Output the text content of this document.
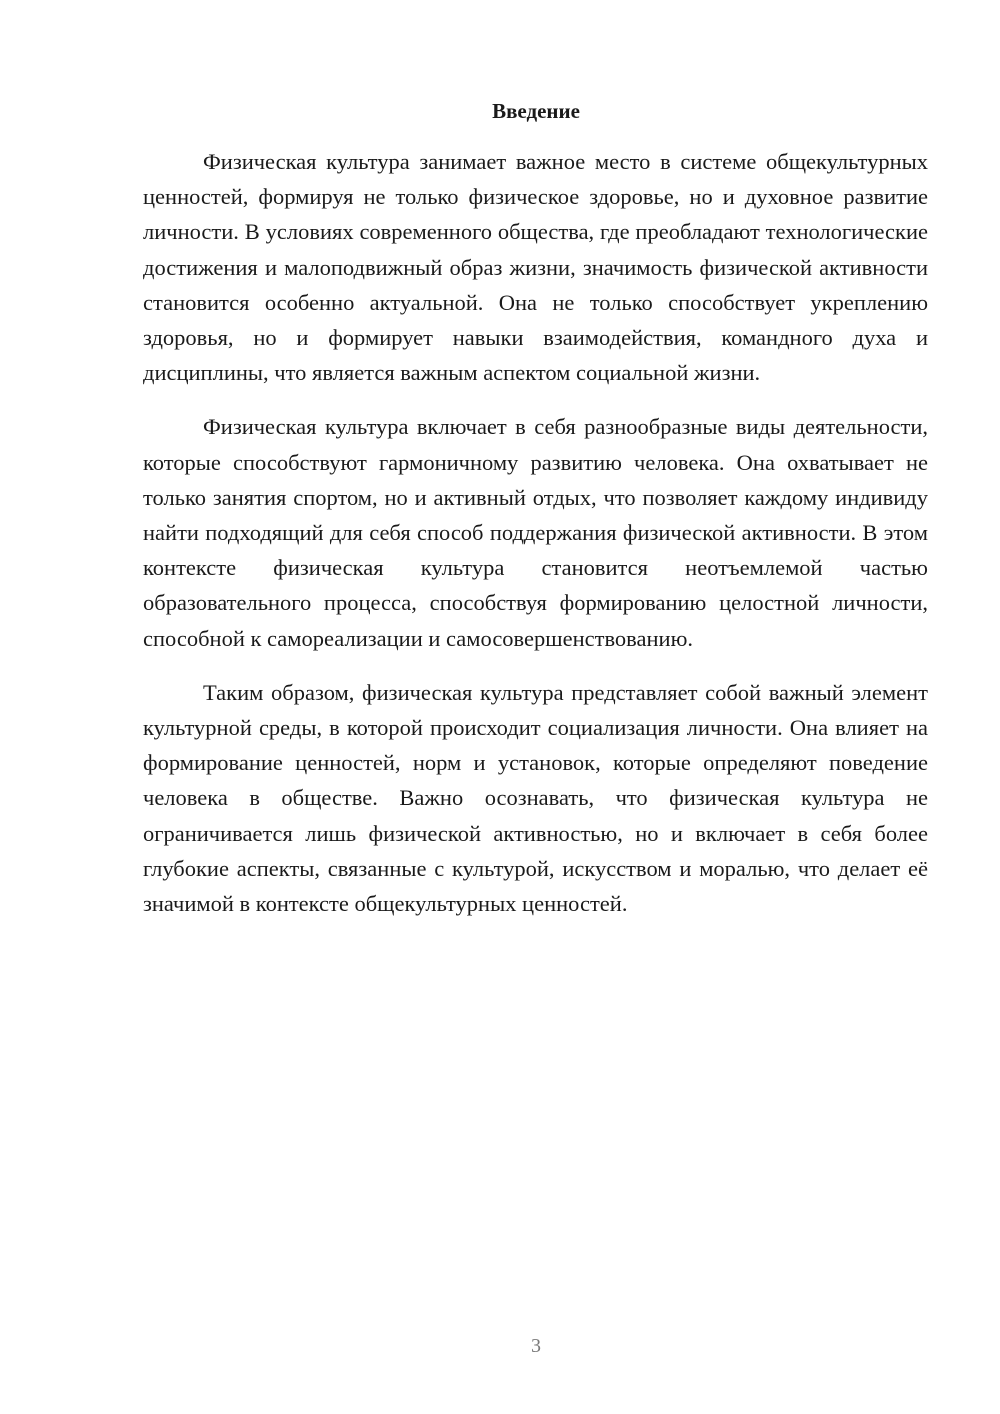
Введение

Физическая культура занимает важное место в системе общекультурных ценностей, формируя не только физическое здоровье, но и духовное развитие личности. В условиях современного общества, где преобладают технологические достижения и малоподвижный образ жизни, значимость физической активности становится особенно актуальной. Она не только способствует укреплению здоровья, но и формирует навыки взаимодействия, командного духа и дисциплины, что является важным аспектом социальной жизни.

Физическая культура включает в себя разнообразные виды деятельности, которые способствуют гармоничному развитию человека. Она охватывает не только занятия спортом, но и активный отдых, что позволяет каждому индивиду найти подходящий для себя способ поддержания физической активности. В этом контексте физическая культура становится неотъемлемой частью образовательного процесса, способствуя формированию целостной личности, способной к самореализации и самосовершенствованию.

Таким образом, физическая культура представляет собой важный элемент культурной среды, в которой происходит социализация личности. Она влияет на формирование ценностей, норм и установок, которые определяют поведение человека в обществе. Важно осознавать, что физическая культура не ограничивается лишь физической активностью, но и включает в себя более глубокие аспекты, связанные с культурой, искусством и моралью, что делает её значимой в контексте общекультурных ценностей.

3
